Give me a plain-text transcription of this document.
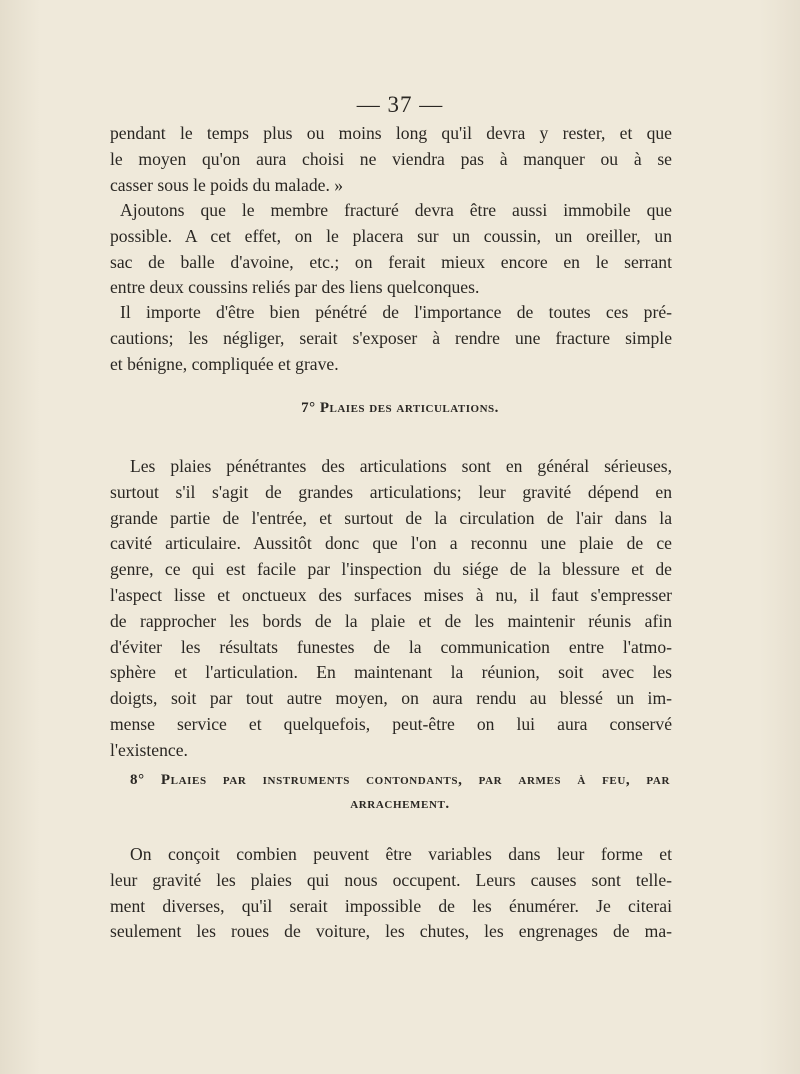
— 37 —
pendant le temps plus ou moins long qu'il devra y rester, et que
le moyen qu'on aura choisi ne viendra pas à manquer ou à se
casser sous le poids du malade. »
Ajoutons que le membre fracturé devra être aussi immobile que
possible. A cet effet, on le placera sur un coussin, un oreiller, un
sac de balle d'avoine, etc.; on ferait mieux encore en le serrant
entre deux coussins reliés par des liens quelconques.
Il importe d'être bien pénétré de l'importance de toutes ces pré-
cautions; les négliger, serait s'exposer à rendre une fracture simple
et bénigne, compliquée et grave.
7° Plaies des articulations.
Les plaies pénétrantes des articulations sont en général sérieuses,
surtout s'il s'agit de grandes articulations; leur gravité dépend en
grande partie de l'entrée, et surtout de la circulation de l'air dans la
cavité articulaire. Aussitôt donc que l'on a reconnu une plaie de ce
genre, ce qui est facile par l'inspection du siége de la blessure et de
l'aspect lisse et onctueux des surfaces mises à nu, il faut s'empresser
de rapprocher les bords de la plaie et de les maintenir réunis afin
d'éviter les résultats funestes de la communication entre l'atmo-
sphère et l'articulation. En maintenant la réunion, soit avec les
doigts, soit par tout autre moyen, on aura rendu au blessé un im-
mense service et quelquefois, peut-être on lui aura conservé
l'existence.
8° Plaies par instruments contondants, par armes à feu, par
arrachement.
On conçoit combien peuvent être variables dans leur forme et
leur gravité les plaies qui nous occupent. Leurs causes sont telle-
ment diverses, qu'il serait impossible de les énumérer. Je citerai
seulement les roues de voiture, les chutes, les engrenages de ma-
